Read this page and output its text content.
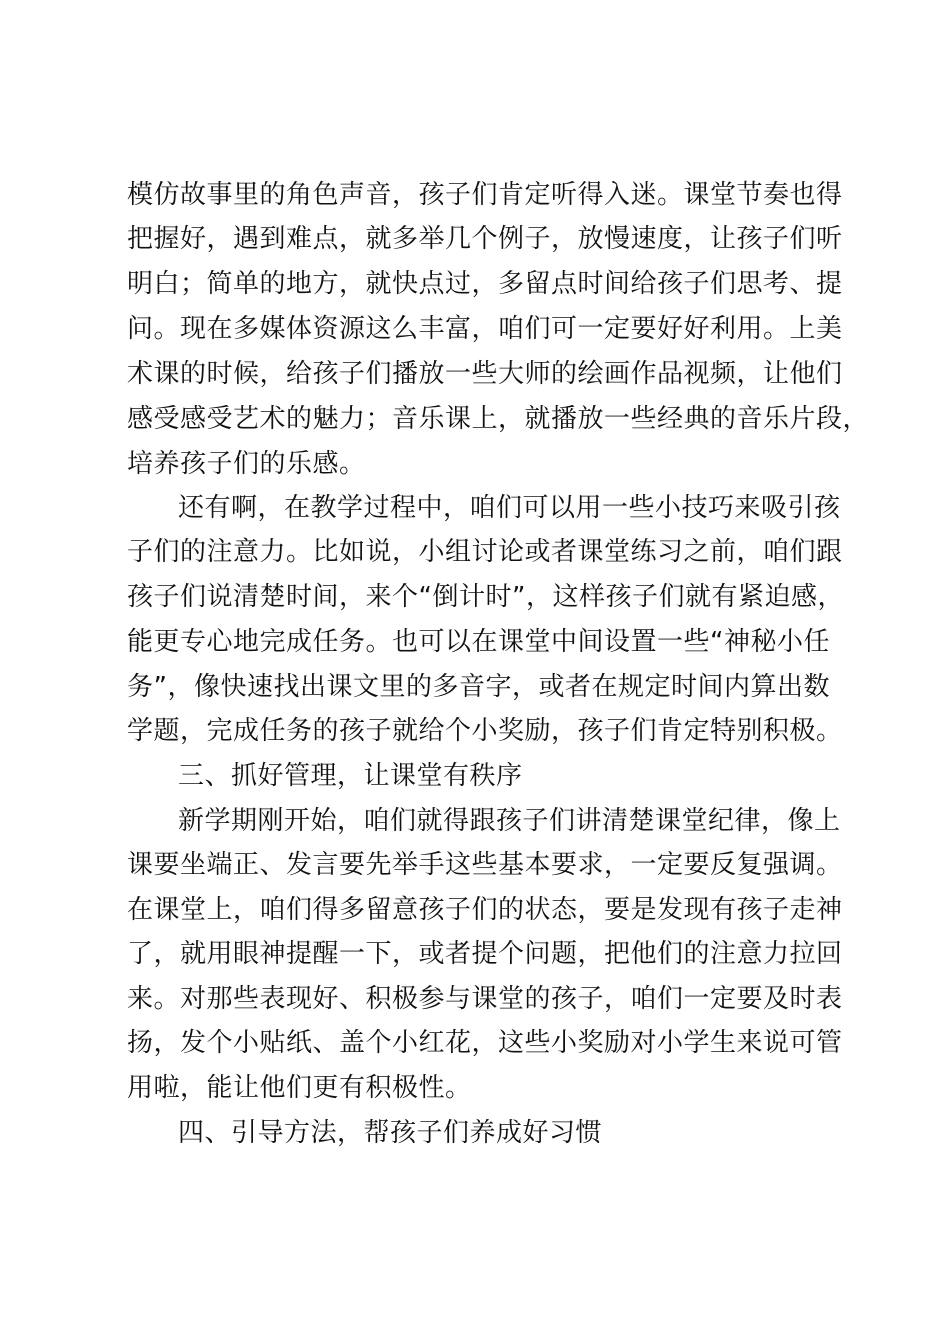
模仿故事里的角色声音，孩子们肯定听得入迷。课堂节奏也得
把握好，遇到难点，就多举几个例子，放慢速度，让孩子们听
明白；简单的地方，就快点过，多留点时间给孩子们思考、提
问。现在多媒体资源这么丰富，咱们可一定要好好利用。上美
术课的时候，给孩子们播放一些大师的绘画作品视频，让他们
感受感受艺术的魅力；音乐课上，就播放一些经典的音乐片段，
培养孩子们的乐感。
还有啊，在教学过程中，咱们可以用一些小技巧来吸引孩
子们的注意力。比如说，小组讨论或者课堂练习之前，咱们跟
孩子们说清楚时间，来个“倒计时”，这样孩子们就有紧迫感，
能更专心地完成任务。也可以在课堂中间设置一些“神秘小任
务”，像快速找出课文里的多音字，或者在规定时间内算出数
学题，完成任务的孩子就给个小奖励，孩子们肯定特别积极。
三、抓好管理，让课堂有秩序
新学期刚开始，咱们就得跟孩子们讲清楚课堂纪律，像上
课要坐端正、发言要先举手这些基本要求，一定要反复强调。
在课堂上，咱们得多留意孩子们的状态，要是发现有孩子走神
了，就用眼神提醒一下，或者提个问题，把他们的注意力拉回
来。对那些表现好、积极参与课堂的孩子，咱们一定要及时表
扬，发个小贴纸、盖个小红花，这些小奖励对小学生来说可管
用啦，能让他们更有积极性。
四、引导方法，帮孩子们养成好习惯
